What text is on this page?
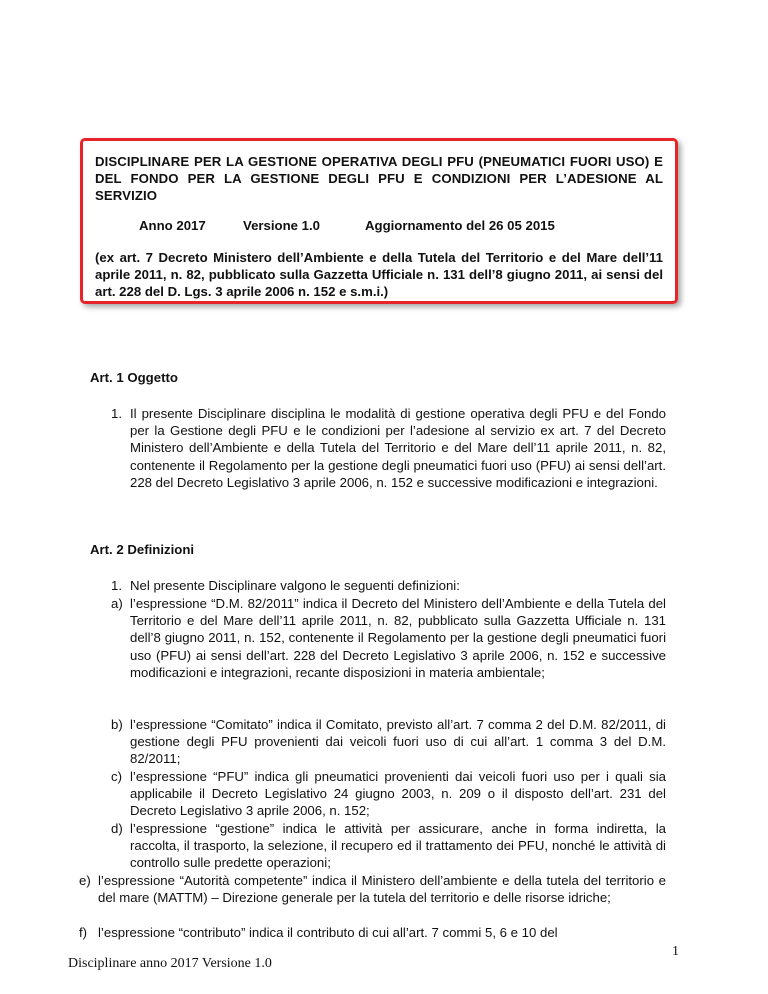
DISCIPLINARE PER LA GESTIONE OPERATIVA DEGLI PFU (PNEUMATICI FUORI USO) E DEL FONDO PER LA GESTIONE DEGLI PFU E CONDIZIONI PER L’ADESIONE AL SERVIZIO

Anno 2017	Versione 1.0	Aggiornamento del 26 05 2015

(ex art. 7 Decreto Ministero dell’Ambiente e della Tutela del Territorio e del Mare dell’11 aprile 2011, n. 82, pubblicato sulla Gazzetta Ufficiale n. 131 dell’8 giugno 2011, ai sensi del art. 228 del D. Lgs. 3 aprile 2006 n. 152 e s.m.i.)

Art. 1 Oggetto

1. Il presente Disciplinare disciplina le modalità di gestione operativa degli PFU e del Fondo per la Gestione degli PFU e le condizioni per l’adesione al servizio ex art. 7 del Decreto Ministero dell’Ambiente e della Tutela del Territorio e del Mare dell’11 aprile 2011, n. 82, contenente il Regolamento per la gestione degli pneumatici fuori uso (PFU) ai sensi dell’art. 228 del Decreto Legislativo 3 aprile 2006, n. 152 e successive modificazioni e integrazioni.

Art. 2 Definizioni

1. Nel presente Disciplinare valgono le seguenti definizioni:

a) l’espressione “D.M. 82/2011” indica il Decreto del Ministero dell’Ambiente e della Tutela del Territorio e del Mare dell’11 aprile 2011, n. 82, pubblicato sulla Gazzetta Ufficiale n. 131 dell’8 giugno 2011, n. 152, contenente il Regolamento per la gestione degli pneumatici fuori uso (PFU) ai sensi dell’art. 228 del Decreto Legislativo 3 aprile 2006, n. 152 e successive modificazioni e integrazioni, recante disposizioni in materia ambientale;

b) l’espressione “Comitato” indica il Comitato, previsto all’art. 7 comma 2 del D.M. 82/2011, di gestione degli PFU provenienti dai veicoli fuori uso di cui all’art. 1 comma 3 del D.M. 82/2011;

c) l’espressione “PFU” indica gli pneumatici provenienti dai veicoli fuori uso per i quali sia applicabile il Decreto Legislativo 24 giugno 2003, n. 209 o il disposto dell’art. 231 del Decreto Legislativo 3 aprile 2006, n. 152;

d) l’espressione “gestione” indica le attività per assicurare, anche in forma indiretta, la raccolta, il trasporto, la selezione, il recupero ed il trattamento dei PFU, nonché le attività di controllo sulle predette operazioni;

e) l’espressione “Autorità competente” indica il Ministero dell’ambiente e della tutela del territorio e del mare (MATTM) – Direzione generale per la tutela del territorio e delle risorse idriche;

f) l’espressione “contributo” indica il contributo di cui all’art. 7 commi 5, 6 e 10 del

Disciplinare anno 2017 Versione 1.0
1
